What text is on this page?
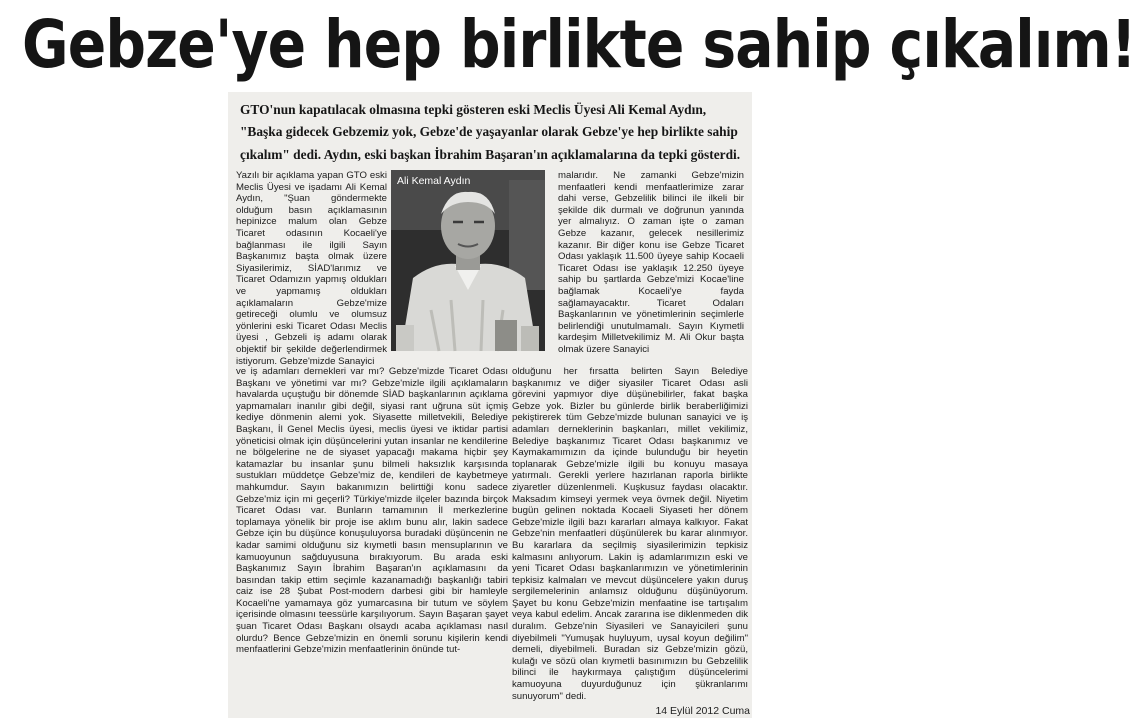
Gebze'ye hep birlikte sahip çıkalım!

GTO'nun kapatılacak olmasına tepki gösteren eski Meclis Üyesi Ali Kemal Aydın, "Başka gidecek Gebzemiz yok, Gebze'de yaşayanlar olarak Gebze'ye hep birlikte sahip çıkalım" dedi. Aydın, eski başkan İbrahim Başaran'ın açıklamalarına da tepki gösterdi.

Yazılı bir açıklama yapan GTO eski Meclis Üyesi ve işadamı Ali Kemal Aydın, "Şuan göndermekte olduğum basın açıklamasının hepinizce malum olan Gebze Ticaret odasının Kocaeli'ye bağlanması ile ilgili Sayın Başkanımız başta olmak üzere Siyasilerimiz, SİAD'larımız ve Ticaret Odamızın yapmış oldukları ve yapmamış oldukları açıklamaların Gebze'mize getireceği olumlu ve olumsuz yönlerini eski Ticaret Odası Meclis üyesi , Gebzeli iş adamı olarak objektif bir şekilde değerlendirmek istiyorum. Gebze'mizde Sanayici

Ali Kemal Aydın	malarıdır. Ne zamanki Gebze'mizin menfaatleri kendi menfaatlerimize zarar dahi verse, Gebzelilik bilinci ile ilkeli bir şekilde dik durmalı ve doğrunun yanında yer almalıyız. O zaman işte o zaman Gebze kazanır, gelecek nesillerimiz kazanır. Bir diğer konu ise Gebze Ticaret Odası yaklaşık 11.500 üyeye sahip Kocaeli Ticaret Odası ise yaklaşık 12.250 üyeye sahip bu şartlarda Gebze'mizi Kocae'line bağlamak Kocaeli'ye fayda sağlamayacaktır. Ticaret Odaları Başkanlarının ve yönetimlerinin seçimlerle belirlendiği unutulmamalı. Sayın Kıymetli kardeşim Milletvekilimiz M. Ali Okur başta olmak üzere Sanayici

ve iş adamları dernekleri var mı? Gebze'mizde Ticaret Odası Başkanı ve yönetimi var mı? Gebze'mizle ilgili açıklamaların havalarda uçuştuğu bir dönemde SİAD başkanlarının açıklama yapmamaları inanılır gibi değil, siyasi rant uğruna süt içmiş kediye dönmenin alemi yok. Siyasette milletvekili, Belediye Başkanı, İl Genel Meclis üyesi, meclis üyesi ve iktidar partisi yöneticisi olmak için düşüncelerini yutan insanlar ne kendilerine ne bölgelerine ne de siyaset yapacağı makama hiçbir şey katamazlar bu insanlar şunu bilmeli haksızlık karşısında sustukları müddetçe Gebze'miz de, kendileri de kaybetmeye mahkumdur. Sayın bakanımızın belirttiği konu sadece Gebze'miz için mi geçerli? Türkiye'mizde ilçeler bazında birçok Ticaret Odası var. Bunların tamamının İl merkezlerine toplamaya yönelik bir proje ise aklım bunu alır, lakin sadece Gebze için bu düşünce konuşuluyorsa buradaki düşüncenin ne kadar samimi olduğunu siz kıymetli basın mensuplarının ve kamuoyunun sağduyusuna bırakıyorum. Bu arada eski Başkanımız Sayın İbrahim Başaran'ın açıklamasını da basından takip ettim seçimle kazanamadığı başkanlığı tabiri caiz ise 28 Şubat Post-modern darbesi gibi bir hamleyle Kocaeli'ne yamamaya göz yumarcasına bir tutum ve söylem içerisinde olmasını teessürle karşılıyorum. Sayın Başaran şayet şuan Ticaret Odası Başkanı olsaydı acaba açıklaması nasıl olurdu? Bence Gebze'mizin en önemli sorunu kişilerin kendi menfaatlerini Gebze'mizin menfaatlerinin önünde tut-

olduğunu her fırsatta belirten Sayın Belediye başkanımız ve diğer siyasiler Ticaret Odası asli görevini yapmıyor diye düşünebilirler, fakat başka Gebze yok. Bizler bu günlerde birlik beraberliğimizi pekiştirerek tüm Gebze'mizde bulunan sanayici ve iş adamları derneklerinin başkanları, millet vekilimiz, Belediye başkanımız Ticaret Odası başkanımız ve Kaymakamımızın da içinde bulunduğu bir heyetin toplanarak Gebze'mizle ilgili bu konuyu masaya yatırmalı. Gerekli yerlere hazırlanan raporla birlikte ziyaretler düzenlenmeli. Kuşkusuz faydası olacaktır. Maksadım kimseyi yermek veya övmek değil. Niyetim bugün gelinen noktada Kocaeli Siyaseti her dönem Gebze'mizle ilgili bazı kararları almaya kalkıyor. Fakat Gebze'nin menfaatleri düşünülerek bu karar alınmıyor. Bu kararlara da seçilmiş siyasilerimizin tepkisiz kalmasını anlıyorum. Lakin iş adamlarımızın eski ve yeni Ticaret Odası başkanlarımızın ve yönetimlerinin tepkisiz kalmaları ve mevcut düşüncelere yakın duruş sergilemelerinin anlamsız olduğunu düşünüyorum. Şayet bu konu Gebze'mizin menfaatine ise tartışalım veya kabul edelim. Ancak zararına ise diklenmeden dik duralım. Gebze'nin Siyasileri ve Sanayicileri şunu diyebilmeli "Yumuşak huyluyum, uysal koyun değilim" demeli, diyebilmeli. Buradan siz Gebze'mizin gözü, kulağı ve sözü olan kıymetli basınımızın bu Gebzelilik bilinci ile haykırmaya çalıştığım düşüncelerimi kamuoyuna duyurduğunuz için şükranlarımı sunuyorum" dedi.

14 Eylül 2012 Cuma
